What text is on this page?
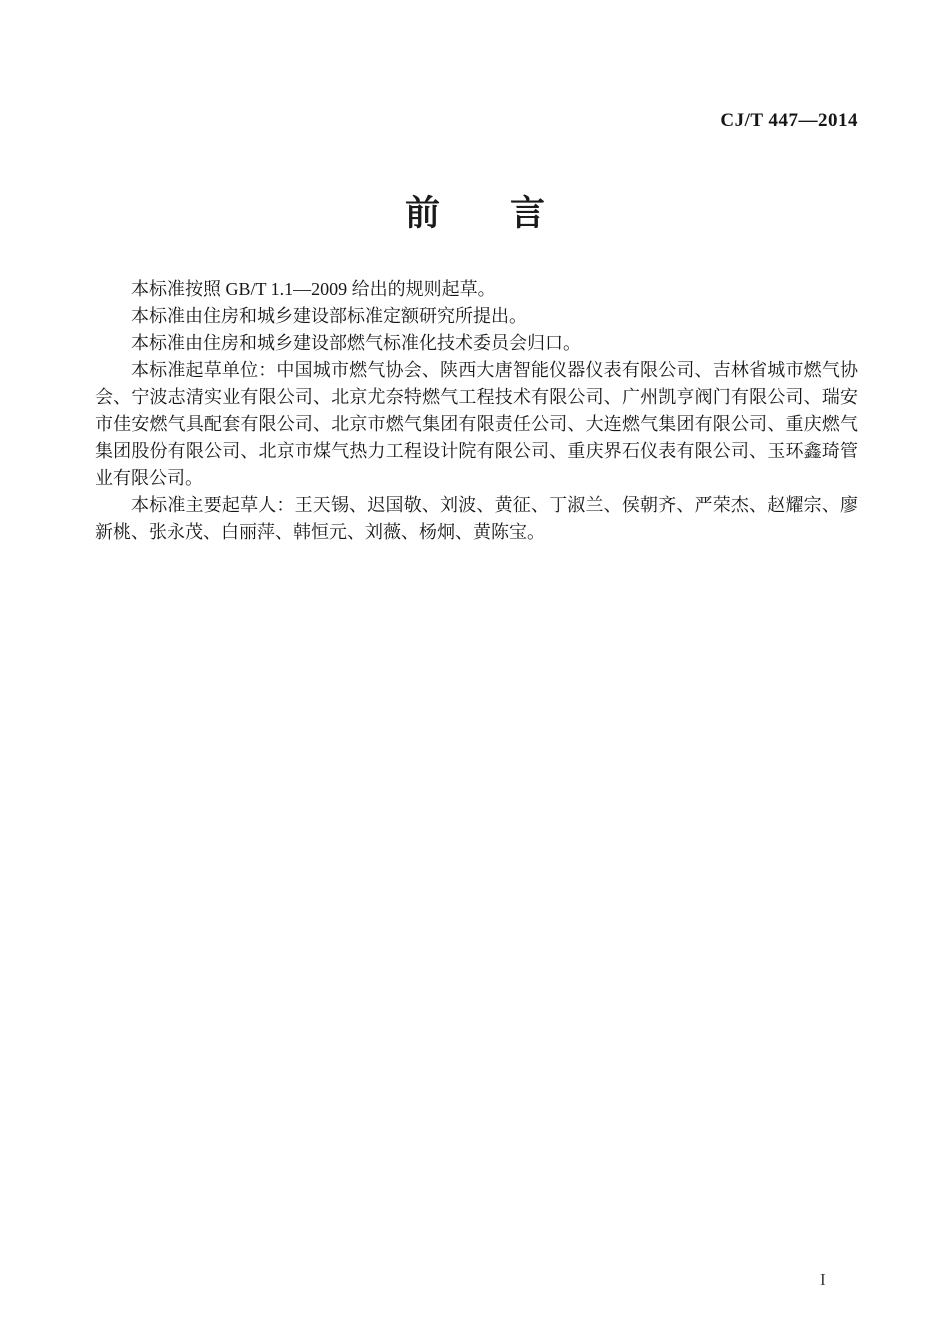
CJ/T 447—2014
前　　言

本标准按照 GB/T 1.1—2009 给出的规则起草。

本标准由住房和城乡建设部标准定额研究所提出。

本标准由住房和城乡建设部燃气标准化技术委员会归口。

本标准起草单位：中国城市燃气协会、陕西大唐智能仪器仪表有限公司、吉林省城市燃气协会、宁波志清实业有限公司、北京尤奈特燃气工程技术有限公司、广州凯亨阀门有限公司、瑞安市佳安燃气具配套有限公司、北京市燃气集团有限责任公司、大连燃气集团有限公司、重庆燃气集团股份有限公司、北京市煤气热力工程设计院有限公司、重庆界石仪表有限公司、玉环鑫琦管业有限公司。

本标准主要起草人：王天锡、迟国敬、刘波、黄征、丁淑兰、侯朝齐、严荣杰、赵耀宗、廖新桃、张永茂、白丽萍、韩恒元、刘薇、杨炯、黄陈宝。

I
